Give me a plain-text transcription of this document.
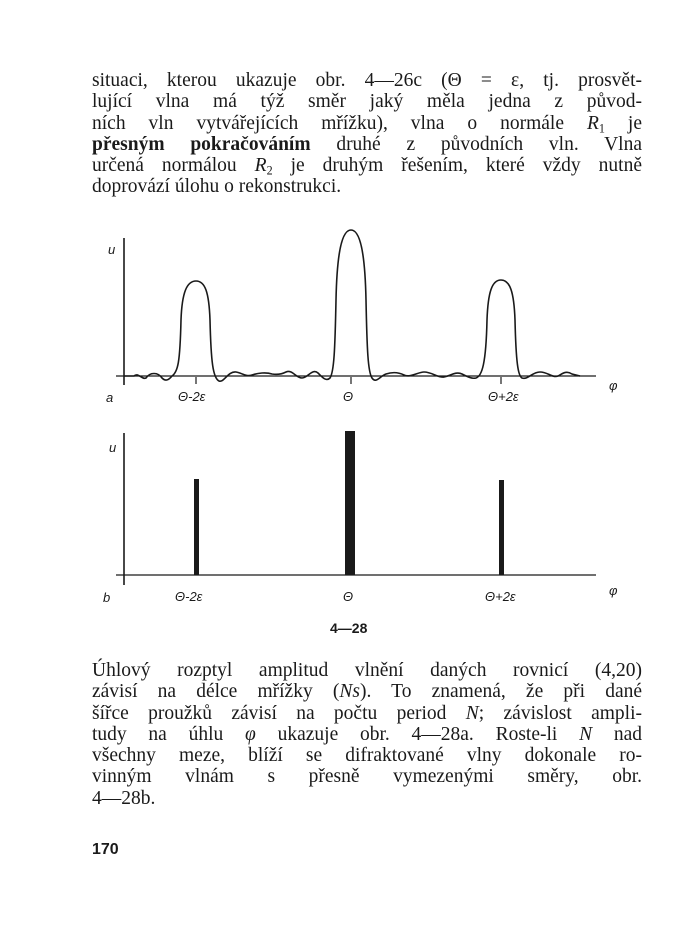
situaci, kterou ukazuje obr. 4—26c (Θ = ε, tj. prosvět-
lující vlna má týž směr jaký měla jedna z původ-
ních vln vytvářejících mřížku), vlna o normále $R_1$ je
přesným pokračováním druhé z původních vln. Vlna
určená normálou $R_2$ je druhým řešením, které vždy nutně
doprovází úlohu o rekonstrukci.
u
a	Θ-2ε	Θ	Θ+2ε
φ
u
b	Θ-2ε	Θ	Θ+2ε	φ
4—28
Úhlový rozptyl amplitud vlnění daných rovnicí (4,20)
závisí na délce mřížky (Ns). To znamená, že při dané
šířce proužků závisí na počtu period N; závislost ampli-
tudy na úhlu φ ukazuje obr. 4—28a. Roste-li N nad
všechny meze, blíží se difraktované vlny dokonale ro-
vinným vlnám s přesně vymezenými směry, obr.
4—28b.
170
